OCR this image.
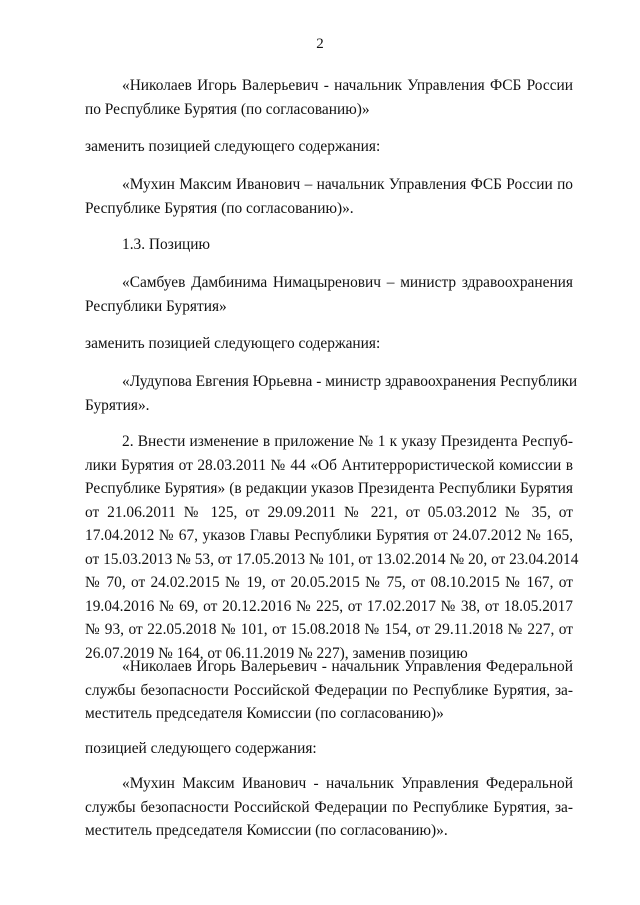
2
«Николаев Игорь Валерьевич - начальник Управления ФСБ России
по Республике Бурятия (по согласованию)»
заменить позицией следующего содержания:
«Мухин Максим Иванович – начальник Управления ФСБ России по
Республике Бурятия (по согласованию)».
1.3. Позицию
«Самбуев Дамбинима Нимацыренович – министр здравоохранения
Республики Бурятия»
заменить позицией следующего содержания:
«Лудупова Евгения Юрьевна - министр здравоохранения Республики
Бурятия».
2. Внести изменение в приложение № 1 к указу Президента Респуб-
лики Бурятия от 28.03.2011 № 44 «Об Антитеррористической комиссии в
Республике Бурятия» (в редакции указов Президента Республики Бурятия
от 21.06.2011 № 125, от 29.09.2011 № 221, от 05.03.2012 № 35, от
17.04.2012 № 67, указов Главы Республики Бурятия от 24.07.2012 № 165,
от 15.03.2013 № 53, от 17.05.2013 № 101, от 13.02.2014 № 20, от 23.04.2014
№ 70, от 24.02.2015 № 19, от 20.05.2015 № 75, от 08.10.2015 № 167, от
19.04.2016 № 69, от 20.12.2016 № 225, от 17.02.2017 № 38, от 18.05.2017
№ 93, от 22.05.2018 № 101, от 15.08.2018 № 154, от 29.11.2018 № 227, от
26.07.2019 № 164, от 06.11.2019 № 227), заменив позицию
«Николаев Игорь Валерьевич - начальник Управления Федеральной
службы безопасности Российской Федерации по Республике Бурятия, за-
меститель председателя Комиссии (по согласованию)»
позицией следующего содержания:
«Мухин Максим Иванович - начальник Управления Федеральной
службы безопасности Российской Федерации по Республике Бурятия, за-
меститель председателя Комиссии (по согласованию)».
